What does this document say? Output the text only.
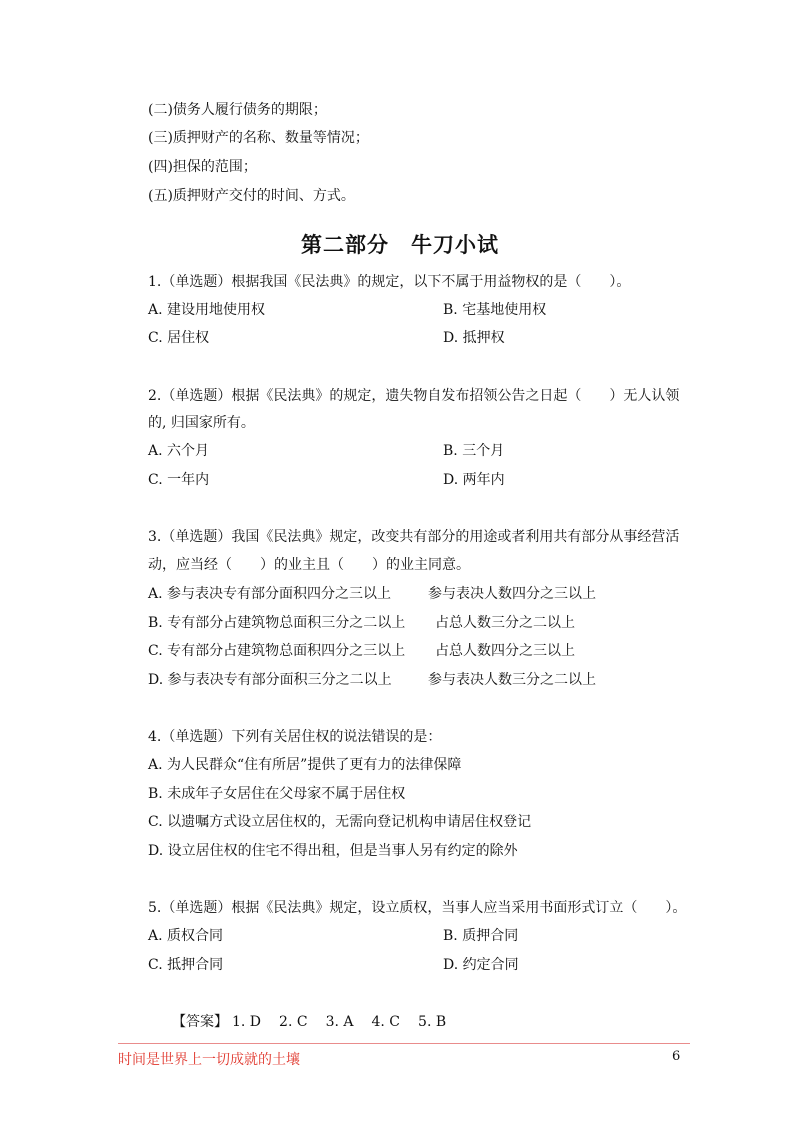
(二)债务人履行债务的期限；
(三)质押财产的名称、数量等情况；
(四)担保的范围；
(五)质押财产交付的时间、方式。
第二部分　牛刀小试
1.（单选题）根据我国《民法典》的规定，以下不属于用益物权的是（　　）。
A. 建设用地使用权	B. 宅基地使用权
C. 居住权	D. 抵押权
2.（单选题）根据《民法典》的规定，遗失物自发布招领公告之日起（　　）无人认领
的, 归国家所有。
A. 六个月	B. 三个月
C. 一年内	D. 两年内
3.（单选题）我国《民法典》规定，改变共有部分的用途或者利用共有部分从事经营活
动，应当经（　　）的业主且（　　）的业主同意。
A. 参与表决专有部分面积四分之三以上	参与表决人数四分之三以上
B. 专有部分占建筑物总面积三分之二以上 占总人数三分之二以上
C. 专有部分占建筑物总面积四分之三以上 占总人数四分之三以上
D. 参与表决专有部分面积三分之二以上	参与表决人数三分之二以上
4.（单选题）下列有关居住权的说法错误的是：
A. 为人民群众“住有所居”提供了更有力的法律保障
B. 未成年子女居住在父母家不属于居住权
C. 以遗嘱方式设立居住权的，无需向登记机构申请居住权登记
D. 设立居住权的住宅不得出租，但是当事人另有约定的除外
5.（单选题）根据《民法典》规定，设立质权，当事人应当采用书面形式订立（　　）。
A. 质权合同	B. 质押合同
C. 抵押合同	D. 约定合同
【答案】 1. D 2. C 3. A 4. C 5. B
6
时间是世界上一切成就的土壤
